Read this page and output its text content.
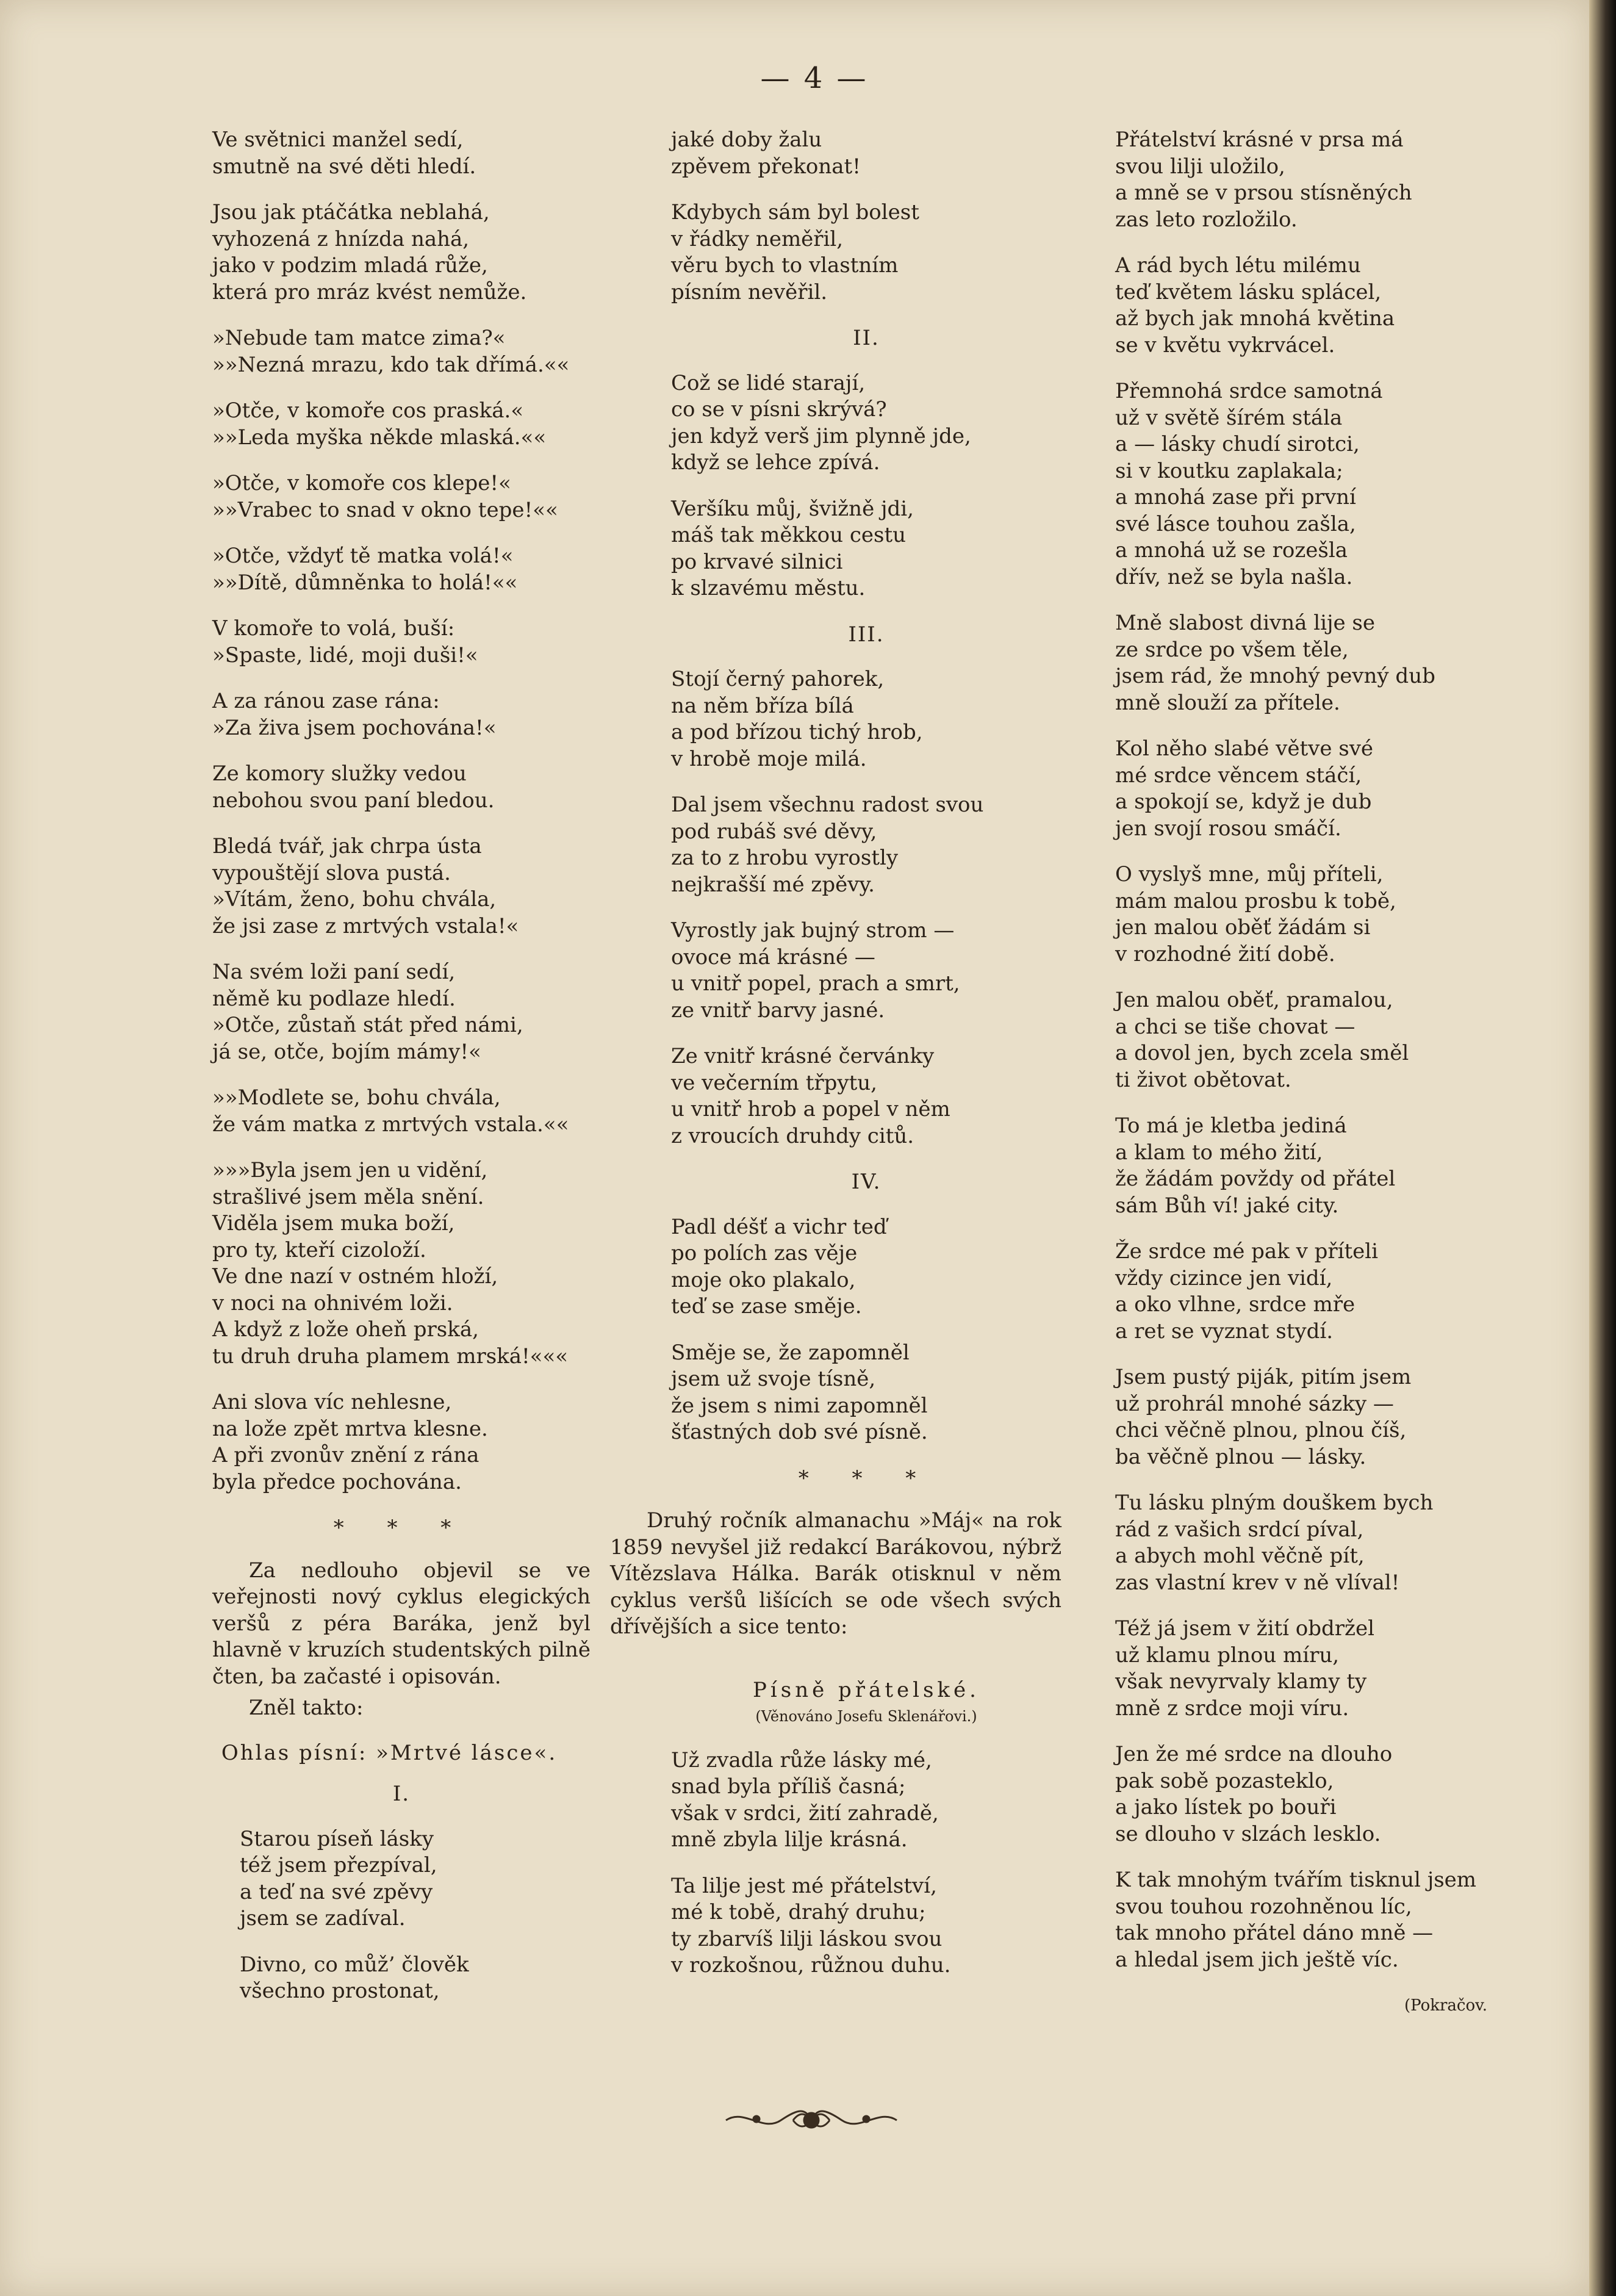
— 4 —
Ve světnici manžel sedí,
smutně na své děti hledí.
Jsou jak ptáčátka neblahá,
vyhozená z hnízda nahá,
jako v podzim mladá růže,
která pro mráz kvést nemůže.
»Nebude tam matce zima?«
»»Nezná mrazu, kdo tak dřímá.««
»Otče, v komoře cos praská.«
»»Leda myška někde mlaská.««
»Otče, v komoře cos klepe!«
»»Vrabec to snad v okno tepe!««
»Otče, vždyť tě matka volá!«
»»Dítě, důmněnka to holá!««
V komoře to volá, buší:
»Spaste, lidé, moji duši!«
A za ránou zase rána:
»Za živa jsem pochována!«
Ze komory služky vedou
nebohou svou paní bledou.
Bledá tvář, jak chrpa ústa
vypouštějí slova pustá.
»Vítám, ženo, bohu chvála,
že jsi zase z mrtvých vstala!«
Na svém loži paní sedí,
němě ku podlaze hledí.
»Otče, zůstaň stát před námi,
já se, otče, bojím mámy!«
»»Modlete se, bohu chvála,
že vám matka z mrtvých vstala.««
»»»Byla jsem jen u vidění,
strašlivé jsem měla snění.
Viděla jsem muka boží,
pro ty, kteří cizoloží.
Ve dne nazí v ostném hloží,
v noci na ohnivém loži.
A když z lože oheň prská,
tu druh druha plamem mrská!«««
Ani slova víc nehlesne,
na lože zpět mrtva klesne.
A při zvonův znění z rána
byla předce pochována.
* * *
Za nedlouho objevil se ve veřejnosti nový cyklus elegických veršů z péra Baráka, jenž byl hlavně v kruzích studentských pilně čten, ba začasté i opisován.
Zněl takto:
Ohlas písní: »Mrtvé lásce«.
I.
Starou píseň lásky
též jsem přezpíval,
a teď na své zpěvy
jsem se zadíval.
Divno, co můž’ člověk
všechno prostonat,
jaké doby žalu
zpěvem překonat!
Kdybych sám byl bolest
v řádky neměřil,
věru bych to vlastním
písním nevěřil.
II.
Což se lidé starají,
co se v písni skrývá?
jen když verš jim plynně jde,
když se lehce zpívá.
Veršíku můj, švižně jdi,
máš tak měkkou cestu
po krvavé silnici
k slzavému městu.
III.
Stojí černý pahorek,
na něm bříza bílá
a pod břízou tichý hrob,
v hrobě moje milá.
Dal jsem všechnu radost svou
pod rubáš své děvy,
za to z hrobu vyrostly
nejkrašší mé zpěvy.
Vyrostly jak bujný strom —
ovoce má krásné —
u vnitř popel, prach a smrt,
ze vnitř barvy jasné.
Ze vnitř krásné červánky
ve večerním třpytu,
u vnitř hrob a popel v něm
z vroucích druhdy citů.
IV.
Padl déšť a vichr teď
po polích zas věje
moje oko plakalo,
teď se zase směje.
Směje se, že zapomněl
jsem už svoje tísně,
že jsem s nimi zapomněl
šťastných dob své písně.
* * *
Druhý ročník almanachu »Máj« na rok 1859 nevyšel již redakcí Barákovou, nýbrž Vítězslava Hálka. Barák otisknul v něm cyklus veršů lišících se ode všech svých dřívějších a sice tento:
Písně přátelské.
(Věnováno Josefu Sklenářovi.)
Už zvadla růže lásky mé,
snad byla příliš časná;
však v srdci, žití zahradě,
mně zbyla lilje krásná.
Ta lilje jest mé přátelství,
mé k tobě, drahý druhu;
ty zbarvíš lilji láskou svou
v rozkošnou, růžnou duhu.
Přátelství krásné v prsa má
svou lilji uložilo,
a mně se v prsou stísněných
zas leto rozložilo.
A rád bych létu milému
teď květem lásku splácel,
až bych jak mnohá květina
se v květu vykrvácel.
Přemnohá srdce samotná
už v světě šírém stála
a — lásky chudí sirotci,
si v koutku zaplakala;
a mnohá zase při první
své lásce touhou zašla,
a mnohá už se rozešla
dřív, než se byla našla.
Mně slabost divná lije se
ze srdce po všem těle,
jsem rád, že mnohý pevný dub
mně slouží za přítele.
Kol něho slabé větve své
mé srdce věncem stáčí,
a spokojí se, když je dub
jen svojí rosou smáčí.
O vyslyš mne, můj příteli,
mám malou prosbu k tobě,
jen malou oběť žádám si
v rozhodné žití době.
Jen malou oběť, pramalou,
a chci se tiše chovat —
a dovol jen, bych zcela směl
ti život obětovat.
To má je kletba jediná
a klam to mého žití,
že žádám povždy od přátel
sám Bůh ví! jaké city.
Že srdce mé pak v příteli
vždy cizince jen vidí,
a oko vlhne, srdce mře
a ret se vyznat stydí.
Jsem pustý piják, pitím jsem
už prohrál mnohé sázky —
chci věčně plnou, plnou číš,
ba věčně plnou — lásky.
Tu lásku plným douškem bych
rád z vašich srdcí píval,
a abych mohl věčně pít,
zas vlastní krev v ně vlíval!
Též já jsem v žití obdržel
už klamu plnou míru,
však nevyrvaly klamy ty
mně z srdce moji víru.
Jen že mé srdce na dlouho
pak sobě pozasteklo,
a jako lístek po bouři
se dlouho v slzách lesklo.
K tak mnohým tvářím tisknul jsem
svou touhou rozohněnou líc,
tak mnoho přátel dáno mně —
a hledal jsem jich ještě víc.
(Pokračov.
